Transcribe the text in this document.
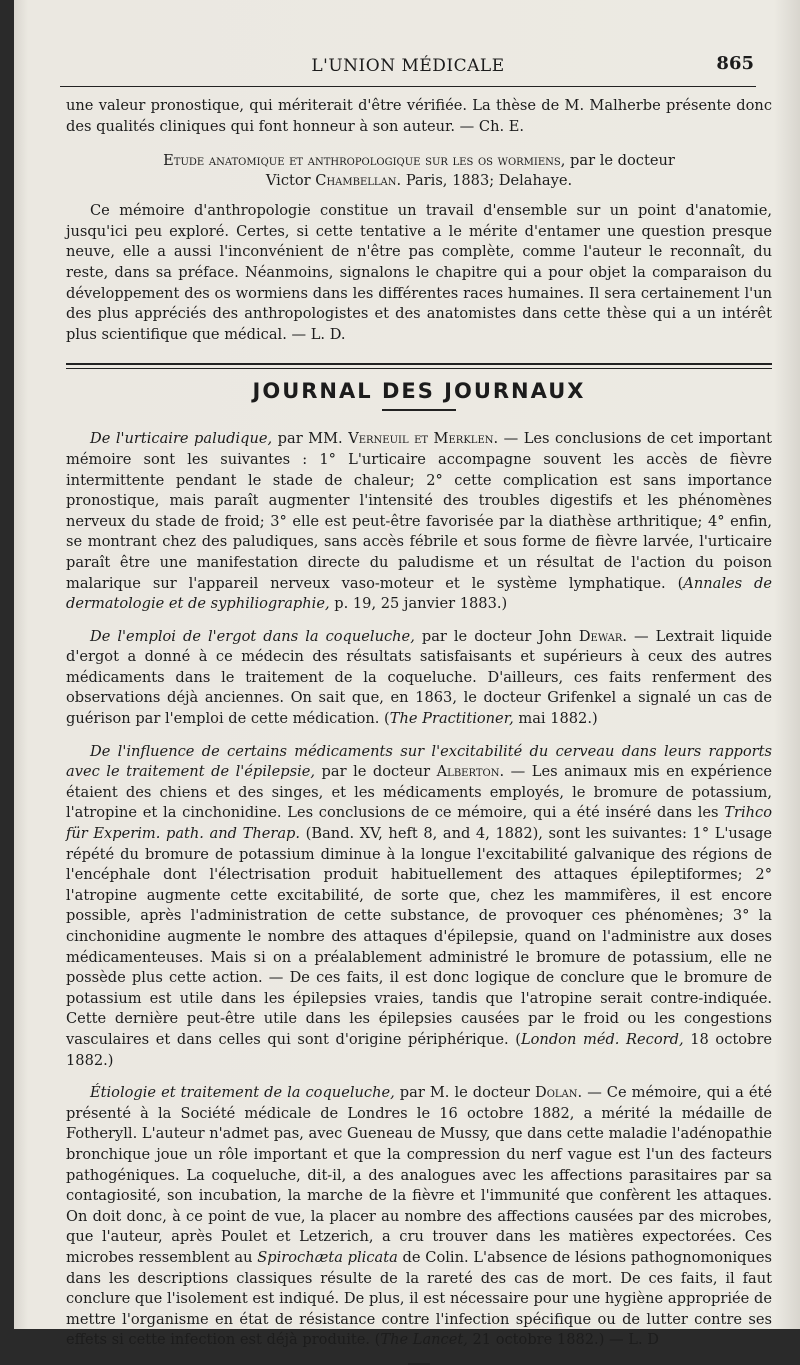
L'UNION MÉDICALE	865

une valeur pronostique, qui mériterait d'être vérifiée. La thèse de M. Malherbe présente donc des qualités cliniques qui font honneur à son auteur. — Ch. E.

Etude anatomique et anthropologique sur les os wormiens, par le docteur
Victor Chambellan. Paris, 1883; Delahaye.

Ce mémoire d'anthropologie constitue un travail d'ensemble sur un point d'anatomie, jusqu'ici peu exploré. Certes, si cette tentative a le mérite d'entamer une question presque neuve, elle a aussi l'inconvénient de n'être pas complète, comme l'auteur le reconnaît, du reste, dans sa préface. Néanmoins, signalons le chapitre qui a pour objet la comparaison du développement des os wormiens dans les différentes races humaines. Il sera certainement l'un des plus appréciés des anthropologistes et des anatomistes dans cette thèse qui a un intérêt plus scientifique que médical. — L. D.

JOURNAL DES JOURNAUX

De l'urticaire paludique, par MM. Verneuil et Merklen. — Les conclusions de cet important mémoire sont les suivantes : 1° L'urticaire accompagne souvent les accès de fièvre intermittente pendant le stade de chaleur; 2° cette complication est sans importance pronostique, mais paraît augmenter l'intensité des troubles digestifs et les phénomènes nerveux du stade de froid; 3° elle est peut-être favorisée par la diathèse arthritique; 4° enfin, se montrant chez des paludiques, sans accès fébrile et sous forme de fièvre larvée, l'urticaire paraît être une manifestation directe du paludisme et un résultat de l'action du poison malarique sur l'appareil nerveux vaso-moteur et le système lymphatique. (Annales de dermatologie et de syphiliographie, p. 19, 25 janvier 1883.)

De l'emploi de l'ergot dans la coqueluche, par le docteur John Dewar. — Lextrait liquide d'ergot a donné à ce médecin des résultats satisfaisants et supérieurs à ceux des autres médicaments dans le traitement de la coqueluche. D'ailleurs, ces faits renferment des observations déjà anciennes. On sait que, en 1863, le docteur Grifenkel a signalé un cas de guérison par l'emploi de cette médication. (The Practitioner, mai 1882.)

De l'influence de certains médicaments sur l'excitabilité du cerveau dans leurs rapports avec le traitement de l'épilepsie, par le docteur Alberton. — Les animaux mis en expérience étaient des chiens et des singes, et les médicaments employés, le bromure de potassium, l'atropine et la cinchonidine. Les conclusions de ce mémoire, qui a été inséré dans les Trihco für Experim. path. and Therap. (Band. XV, heft 8, and 4, 1882), sont les suivantes: 1° L'usage répété du bromure de potassium diminue à la longue l'excitabilité galvanique des régions de l'encéphale dont l'électrisation produit habituellement des attaques épileptiformes; 2° l'atropine augmente cette excitabilité, de sorte que, chez les mammifères, il est encore possible, après l'administration de cette substance, de provoquer ces phénomènes; 3° la cinchonidine augmente le nombre des attaques d'épilepsie, quand on l'administre aux doses médicamenteuses. Mais si on a préalablement administré le bromure de potassium, elle ne possède plus cette action. — De ces faits, il est donc logique de conclure que le bromure de potassium est utile dans les épilepsies vraies, tandis que l'atropine serait contre-indiquée. Cette dernière peut-être utile dans les épilepsies causées par le froid ou les congestions vasculaires et dans celles qui sont d'origine périphérique. (London méd. Record, 18 octobre 1882.)

Étiologie et traitement de la coqueluche, par M. le docteur Dolan. — Ce mémoire, qui a été présenté à la Société médicale de Londres le 16 octobre 1882, a mérité la médaille de Fotheryll. L'auteur n'admet pas, avec Gueneau de Mussy, que dans cette maladie l'adénopathie bronchique joue un rôle important et que la compression du nerf vague est l'un des facteurs pathogéniques. La coqueluche, dit-il, a des analogues avec les affections parasitaires par sa contagiosité, son incubation, la marche de la fièvre et l'immunité que confèrent les attaques. On doit donc, à ce point de vue, la placer au nombre des affections causées par des microbes, que l'auteur, après Poulet et Letzerich, a cru trouver dans les matières expectorées. Ces microbes ressemblent au Spirochæta plicata de Colin. L'absence de lésions pathognomoniques dans les descriptions classiques résulte de la rareté des cas de mort. De ces faits, il faut conclure que l'isolement est indiqué. De plus, il est nécessaire pour une hygiène appropriée de mettre l'organisme en état de résistance contre l'infection spécifique ou de lutter contre ses effets si cette infection est déjà produite. (The Lancet, 21 octobre 1882.) — L. D
